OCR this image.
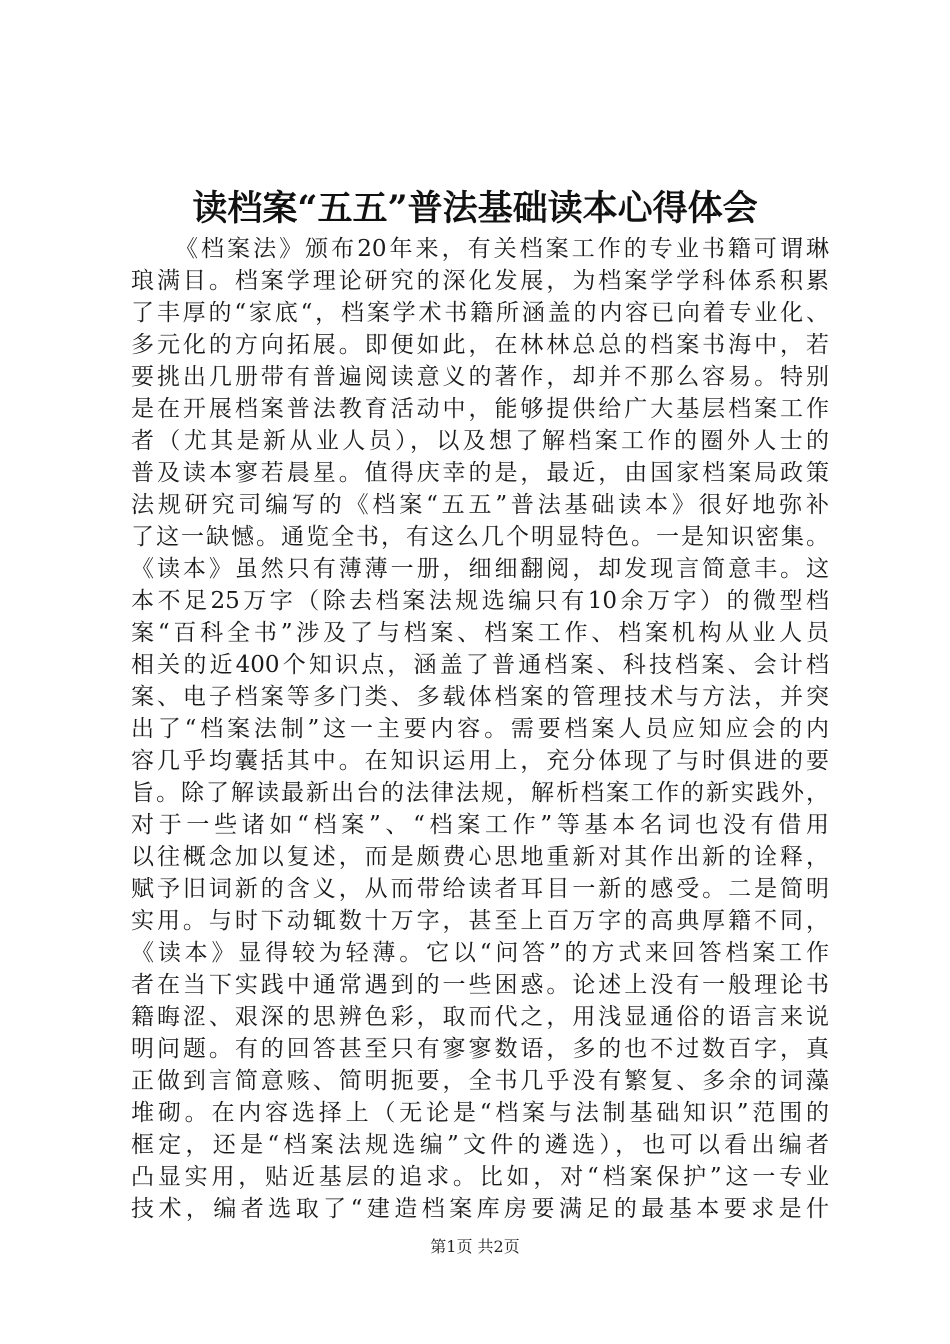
读档案“五五”普法基础读本心得体会
《档案法》颁布20年来，有关档案工作的专业书籍可谓琳
琅满目。档案学理论研究的深化发展，为档案学学科体系积累
了丰厚的“家底“，档案学术书籍所涵盖的内容已向着专业化、
多元化的方向拓展。即便如此，在林林总总的档案书海中，若
要挑出几册带有普遍阅读意义的著作，却并不那么容易。特别
是在开展档案普法教育活动中，能够提供给广大基层档案工作
者（尤其是新从业人员），以及想了解档案工作的圈外人士的
普及读本寥若晨星。值得庆幸的是，最近，由国家档案局政策
法规研究司编写的《档案“五五”普法基础读本》很好地弥补
了这一缺憾。通览全书，有这么几个明显特色。一是知识密集。
《读本》虽然只有薄薄一册，细细翻阅，却发现言简意丰。这
本不足25万字（除去档案法规选编只有10余万字）的微型档
案“百科全书”涉及了与档案、档案工作、档案机构从业人员
相关的近400个知识点，涵盖了普通档案、科技档案、会计档
案、电子档案等多门类、多载体档案的管理技术与方法，并突
出了“档案法制”这一主要内容。需要档案人员应知应会的内
容几乎均囊括其中。在知识运用上，充分体现了与时俱进的要
旨。除了解读最新出台的法律法规，解析档案工作的新实践外，
对于一些诸如“档案”、“档案工作”等基本名词也没有借用
以往概念加以复述，而是颇费心思地重新对其作出新的诠释，
赋予旧词新的含义，从而带给读者耳目一新的感受。二是简明
实用。与时下动辄数十万字，甚至上百万字的高典厚籍不同，
《读本》显得较为轻薄。它以“问答”的方式来回答档案工作
者在当下实践中通常遇到的一些困惑。论述上没有一般理论书
籍晦涩、艰深的思辨色彩，取而代之，用浅显通俗的语言来说
明问题。有的回答甚至只有寥寥数语，多的也不过数百字，真
正做到言简意赅、简明扼要，全书几乎没有繁复、多余的词藻
堆砌。在内容选择上（无论是“档案与法制基础知识”范围的
框定，还是“档案法规选编”文件的遴选），也可以看出编者
凸显实用，贴近基层的追求。比如，对“档案保护”这一专业
技术，编者选取了“建造档案库房要满足的最基本要求是什
第1页 共2页
